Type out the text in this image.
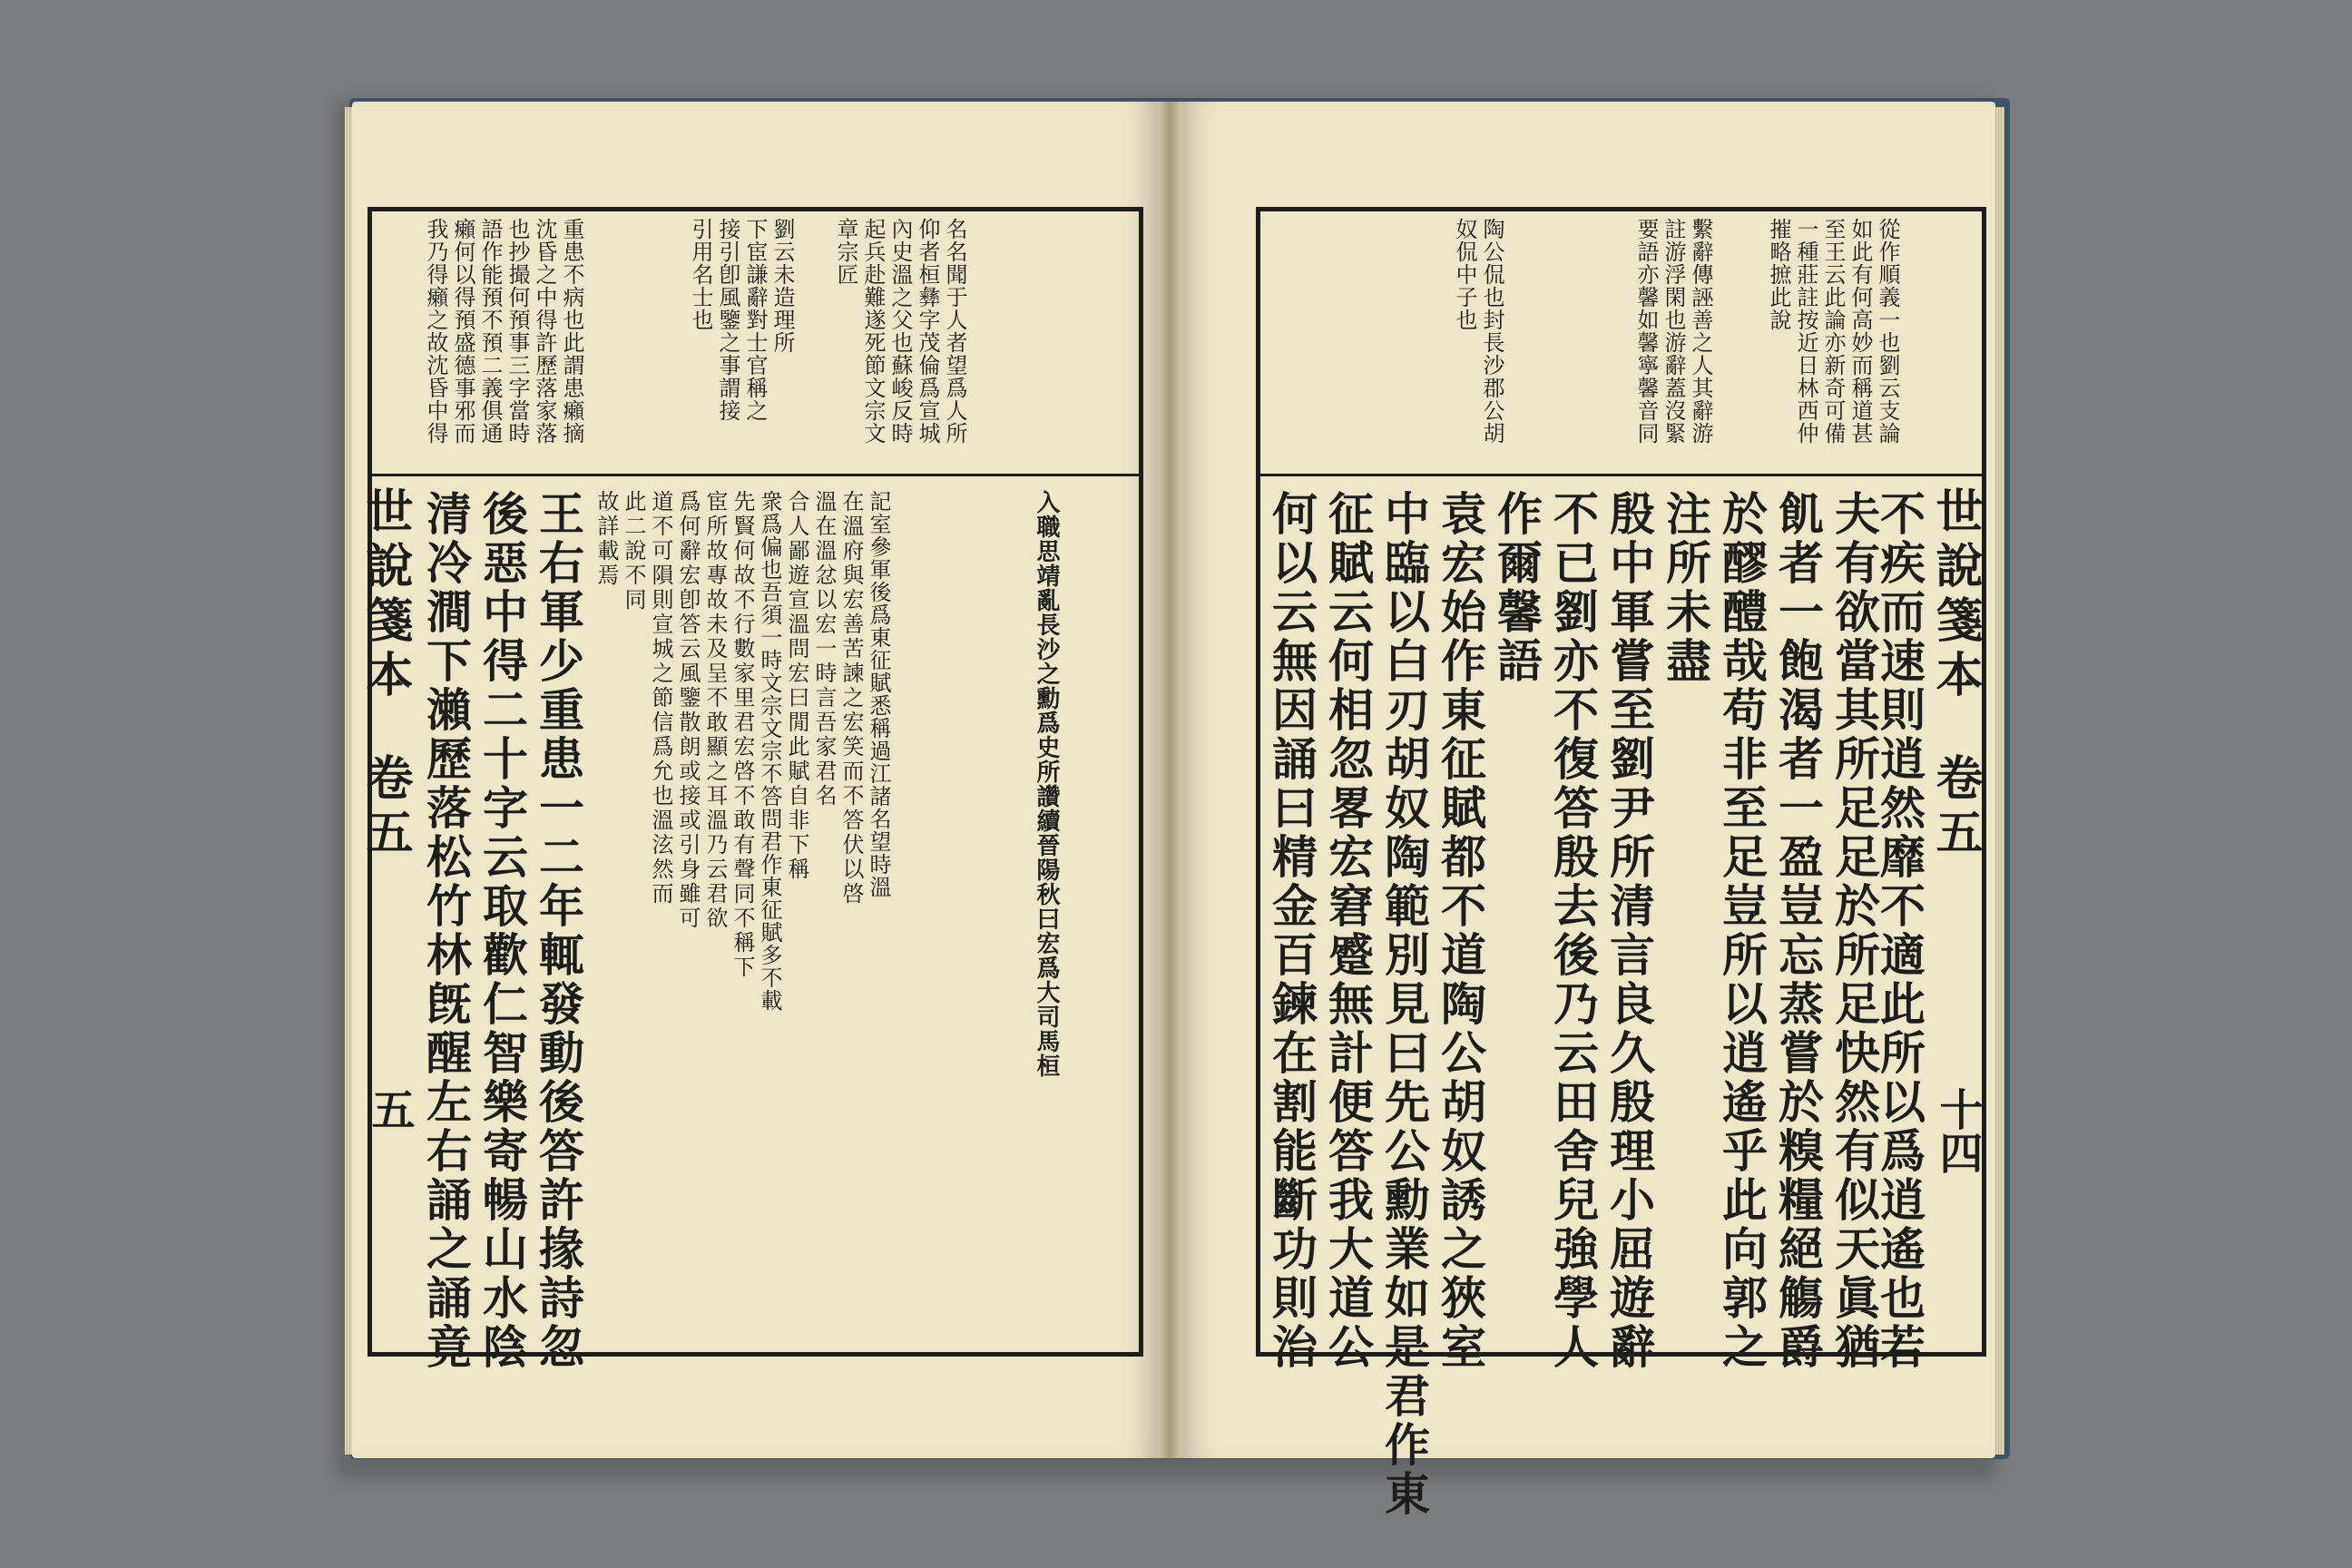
世說箋本
卷五
五
我乃得癩之故沈昏中得 癩何以得預盛德事邪而 語作能預不預二義俱通 也抄撮何預事三字當時 沈昏之中得許歷落家落 重患不病也此謂患癩摘	引用名士也 接引卽風鑒之事謂接 下宦謙辭對士官稱之 劉云未造理所 章宗匠 起兵赴難遂死節文宗文 內史溫之父也蘇峻反時 仰者桓彝字茂倫爲宣城 名名聞于人者望爲人所
清冷澗下瀨歷落松竹林旣醒左右誦之誦竟 後惡中得二十字云取歡仁智樂寄暢山水陰 王右軍少重患一二年輒發動後答許掾詩忽 故詳載焉 此二說不同 道不可隕則宣城之節信爲允也溫泫然而 爲何辭宏卽答云風鑒散朗或接或引身雖可 宦所故專故未及呈不敢顯之耳溫乃云君欲 先賢何故不行數家里君宏啓不敢有聲同不稱下 衆爲偏也吾須一時文宗文宗不答問君作東征賦多不載 合人鄙遊宣溫問宏曰閒此賦自非下稱 溫在溫忿以宏一時言吾家君名 在溫府與宏善苦諫之宏笑而不答伏以啓 記室參軍後爲東征賦悉稱過江諸名望時溫	入職思靖亂長沙之勳爲史所讚續晉陽秋曰宏爲大司馬桓	世說箋本
卷五
十四
奴侃中子也 陶公侃也封長沙郡公胡	要語亦馨如馨寧馨音同 註游浮閑也游辭蓋沒緊 繫辭傳誣善之人其辭游 摧略摭此說 一種莊註按近日林西仲 至王云此論亦新奇可備 如此有何高妙而稱道甚 從作順義一也劉云支論
何以云無因誦曰精金百鍊在割能斷功則治 征賦云何相忽畧宏窘蹙無計便答我大道公 中臨以白刃胡奴陶範別見曰先公勳業如是君作東 袁宏始作東征賦都不道陶公胡奴誘之狹室 作爾馨語 不已劉亦不復答殷去後乃云田舍兒強學人 殷中軍嘗至劉尹所清言良久殷理小屈遊辭 注所未盡 於醪醴哉苟非至足豈所以逍遙乎此向郭之 飢者一飽渴者一盈豈忘蒸嘗於糗糧絕觴爵 夫有欲當其所足足於所足快然有似天眞猶
不疾而速則逍然靡不適此所以爲逍遙也若
